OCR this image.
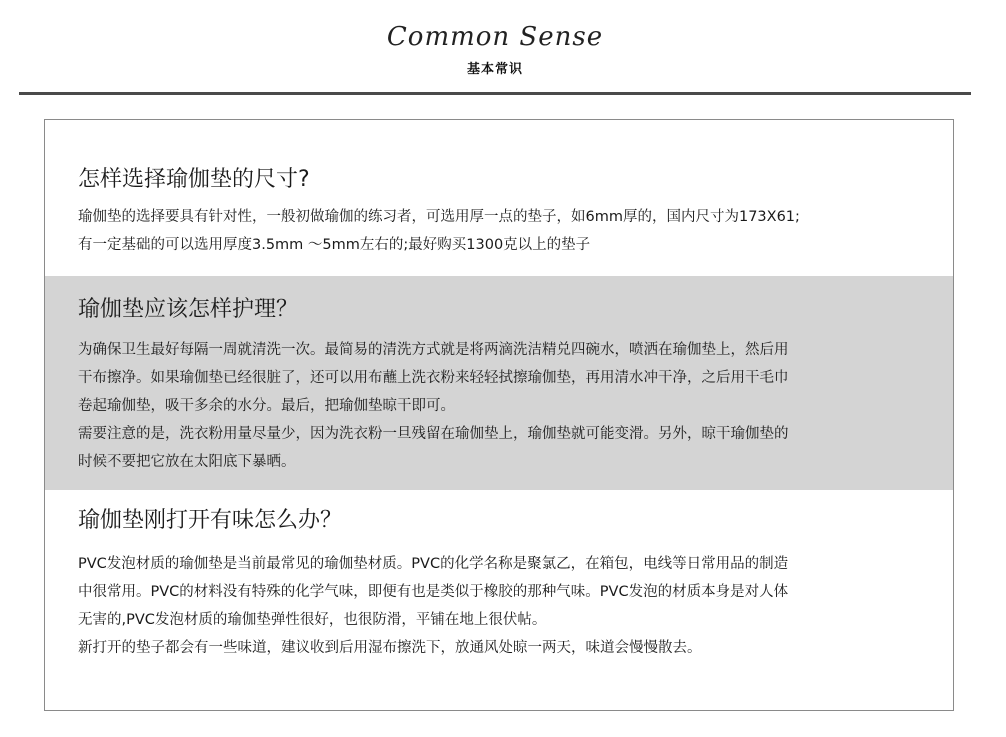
Common Sense
基本常识
怎样选择瑜伽垫的尺寸?
瑜伽垫的选择要具有针对性，一般初做瑜伽的练习者，可选用厚一点的垫子，如6mm厚的，国内尺寸为173X61;
有一定基础的可以选用厚度3.5mm ～5mm左右的;最好购买1300克以上的垫子
瑜伽垫应该怎样护理？
为确保卫生最好每隔一周就清洗一次。最简易的清洗方式就是将两滴洗洁精兑四碗水，喷洒在瑜伽垫上，然后用
干布擦净。如果瑜伽垫已经很脏了，还可以用布蘸上洗衣粉来轻轻拭擦瑜伽垫，再用清水冲干净，之后用干毛巾
卷起瑜伽垫，吸干多余的水分。最后，把瑜伽垫晾干即可。
需要注意的是，洗衣粉用量尽量少，因为洗衣粉一旦残留在瑜伽垫上，瑜伽垫就可能变滑。另外，晾干瑜伽垫的
时候不要把它放在太阳底下暴晒。
瑜伽垫刚打开有味怎么办？
PVC发泡材质的瑜伽垫是当前最常见的瑜伽垫材质。PVC的化学名称是聚氯乙，在箱包，电线等日常用品的制造
中很常用。PVC的材料没有特殊的化学气味，即便有也是类似于橡胶的那种气味。PVC发泡的材质本身是对人体
无害的,PVC发泡材质的瑜伽垫弹性很好，也很防滑，平铺在地上很伏帖。
新打开的垫子都会有一些味道，建议收到后用湿布擦洗下，放通风处晾一两天，味道会慢慢散去。
